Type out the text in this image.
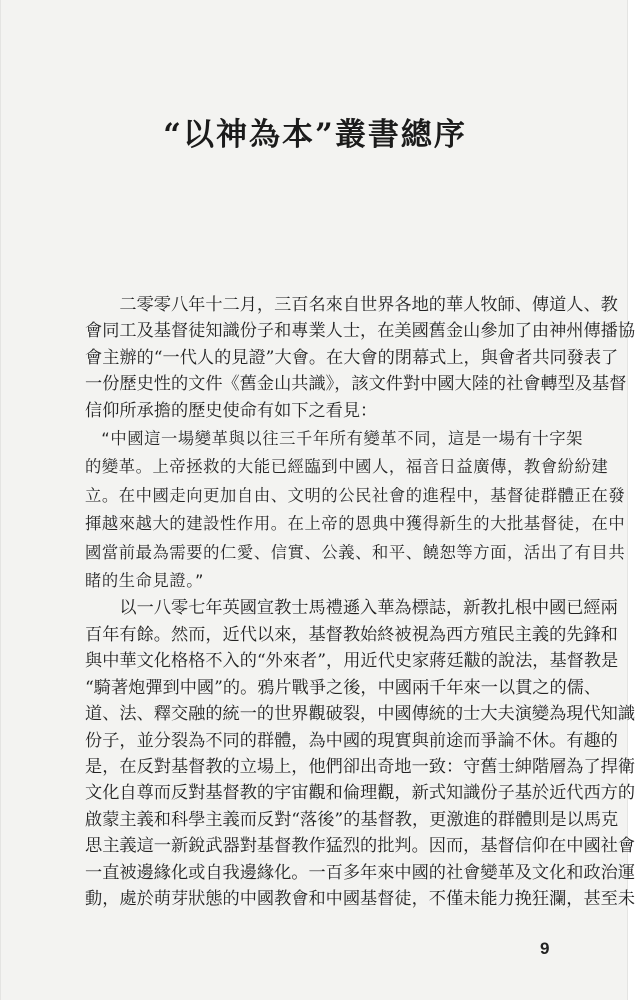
“以神為本”叢書總序
二零零八年十二月，三百名來自世界各地的華人牧師、傳道人、教
會同工及基督徒知識份子和專業人士，在美國舊金山參加了由神州傳播協
會主辦的“一代人的見證”大會。在大會的閉幕式上，與會者共同發表了
一份歷史性的文件《舊金山共識》，該文件對中國大陸的社會轉型及基督
信仰所承擔的歷史使命有如下之看見：
“中國這一場變革與以往三千年所有變革不同，這是一場有十字架
的變革。上帝拯救的大能已經臨到中國人，福音日益廣傳，教會紛紛建
立。在中國走向更加自由、文明的公民社會的進程中，基督徒群體正在發
揮越來越大的建設性作用。在上帝的恩典中獲得新生的大批基督徒，在中
國當前最為需要的仁愛、信實、公義、和平、饒恕等方面，活出了有目共
睹的生命見證。”
以一八零七年英國宣教士馬禮遜入華為標誌，新教扎根中國已經兩
百年有餘。然而，近代以來，基督教始終被視為西方殖民主義的先鋒和
與中華文化格格不入的“外來者”，用近代史家蔣廷黻的說法，基督教是
“騎著炮彈到中國”的。鴉片戰爭之後，中國兩千年來一以貫之的儒、
道、法、釋交融的統一的世界觀破裂，中國傳統的士大夫演變為現代知識
份子，並分裂為不同的群體，為中國的現實與前途而爭論不休。有趣的
是，在反對基督教的立場上，他們卻出奇地一致：守舊士紳階層為了捍衛
文化自尊而反對基督教的宇宙觀和倫理觀，新式知識份子基於近代西方的
啟蒙主義和科學主義而反對“落後”的基督教，更激進的群體則是以馬克
思主義這一新銳武器對基督教作猛烈的批判。因而，基督信仰在中國社會
一直被邊緣化或自我邊緣化。一百多年來中國的社會變革及文化和政治運
動，處於萌芽狀態的中國教會和中國基督徒，不僅未能力挽狂瀾，甚至未
9
